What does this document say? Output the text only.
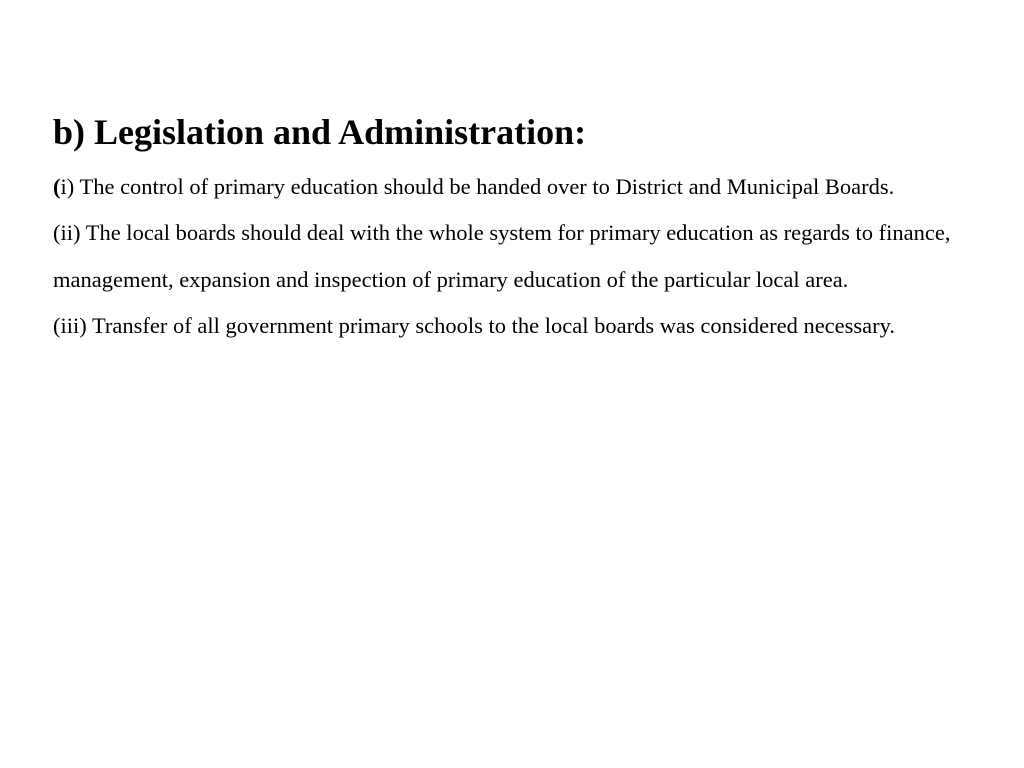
b) Legislation and Administration:

(i) The control of primary education should be handed over to District and Municipal Boards.

(ii) The local boards should deal with the whole system for primary education as regards to finance, management, expansion and inspection of primary education of the particular local area.

(iii) Transfer of all government primary schools to the local boards was considered necessary.
